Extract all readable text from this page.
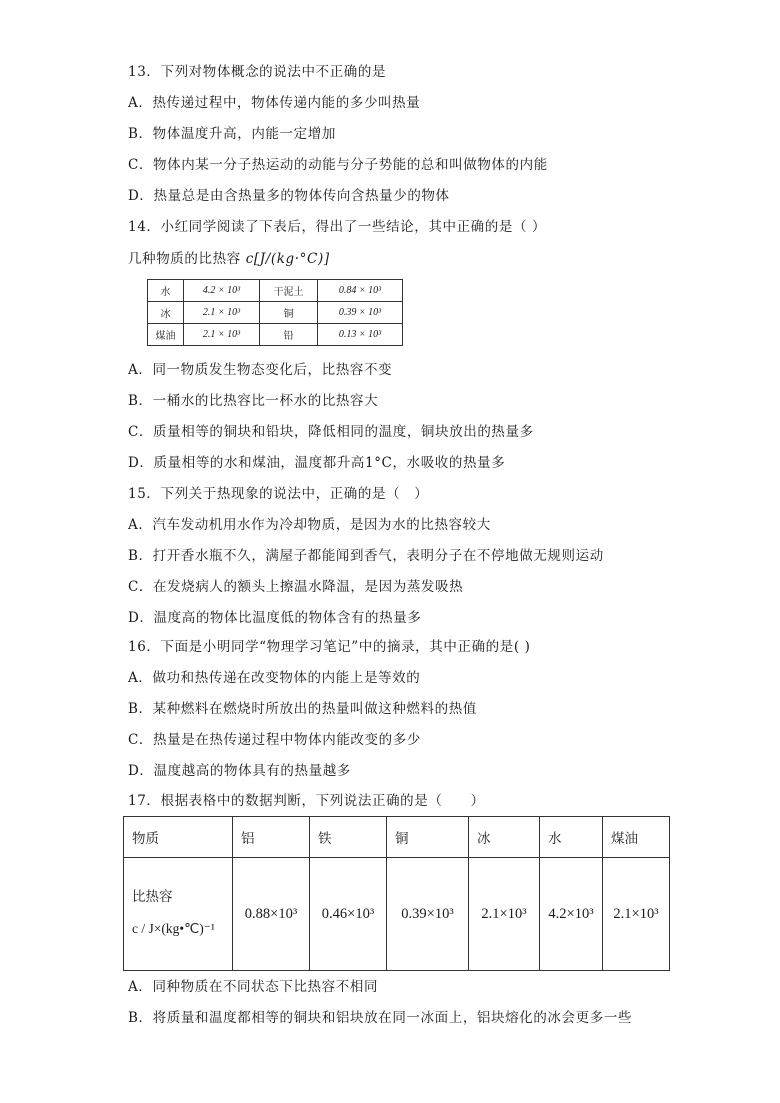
13．下列对物体概念的说法中不正确的是
A．热传递过程中，物体传递内能的多少叫热量
B．物体温度升高，内能一定增加
C．物体内某一分子热运动的动能与分子势能的总和叫做物体的内能
D．热量总是由含热量多的物体传向含热量少的物体
14．小红同学阅读了下表后，得出了一些结论，其中正确的是（ ）
几种物质的比热容 c[J/(kg·°C)]
水	4.2 × 10³	干泥土	0.84 × 10³
冰	2.1 × 10³	铜	0.39 × 10³
煤油	2.1 × 10³	铅	0.13 × 10³
A．同一物质发生物态变化后，比热容不变
B．一桶水的比热容比一杯水的比热容大
C．质量相等的铜块和铅块，降低相同的温度，铜块放出的热量多
D．质量相等的水和煤油，温度都升高1°C，水吸收的热量多
15．下列关于热现象的说法中，正确的是（　）
A．汽车发动机用水作为冷却物质，是因为水的比热容较大
B．打开香水瓶不久，满屋子都能闻到香气，表明分子在不停地做无规则运动
C．在发烧病人的额头上擦温水降温，是因为蒸发吸热
D．温度高的物体比温度低的物体含有的热量多
16．下面是小明同学“物理学习笔记”中的摘录，其中正确的是( )
A．做功和热传递在改变物体的内能上是等效的
B．某种燃料在燃烧时所放出的热量叫做这种燃料的热值
C．热量是在热传递过程中物体内能改变的多少
D．温度越高的物体具有的热量越多
17．根据表格中的数据判断，下列说法正确的是（　　）
物质	铝	铁	铜	冰	水	煤油

比热容
c / J×(kg•℃)⁻¹	0.88×10³	0.46×10³	0.39×10³	2.1×10³	4.2×10³	2.1×10³
A．同种物质在不同状态下比热容不相同
B．将质量和温度都相等的铜块和铝块放在同一冰面上，铝块熔化的冰会更多一些
